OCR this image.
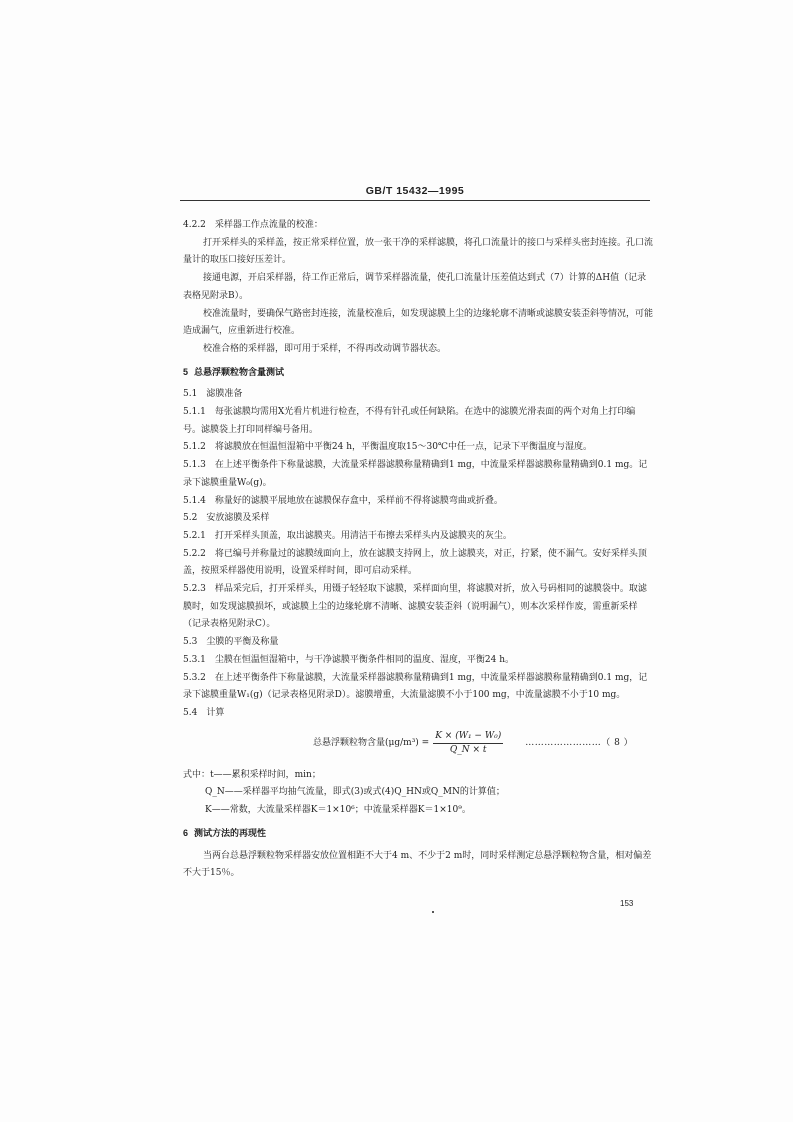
GB/T 15432—1995

4.2.2　采样器工作点流量的校准：

打开采样头的采样盖，按正常采样位置，放一张干净的采样滤膜，将孔口流量计的接口与采样头密封连接。孔口流量计的取压口接好压差计。

接通电源，开启采样器，待工作正常后，调节采样器流量，使孔口流量计压差值达到式（7）计算的ΔH值（记录表格见附录B）。

校准流量时，要确保气路密封连接，流量校准后，如发现滤膜上尘的边缘轮廓不清晰或滤膜安装歪斜等情况，可能造成漏气，应重新进行校准。

校准合格的采样器，即可用于采样，不得再改动调节器状态。

5 总悬浮颗粒物含量测试

5.1　滤膜准备

5.1.1　每张滤膜均需用X光看片机进行检查，不得有针孔或任何缺陷。在选中的滤膜光滑表面的两个对角上打印编号。滤膜袋上打印同样编号备用。

5.1.2　将滤膜放在恒温恒湿箱中平衡24 h，平衡温度取15～30℃中任一点，记录下平衡温度与湿度。

5.1.3　在上述平衡条件下称量滤膜，大流量采样器滤膜称量精确到1 mg，中流量采样器滤膜称量精确到0.1 mg。记录下滤膜重量W₀(g)。

5.1.4　称量好的滤膜平展地放在滤膜保存盒中，采样前不得将滤膜弯曲或折叠。

5.2　安放滤膜及采样

5.2.1　打开采样头顶盖，取出滤膜夹。用清洁干布擦去采样头内及滤膜夹的灰尘。

5.2.2　将已编号并称量过的滤膜绒面向上，放在滤膜支持网上，放上滤膜夹，对正，拧紧，使不漏气。安好采样头顶盖，按照采样器使用说明，设置采样时间，即可启动采样。

5.2.3　样品采完后，打开采样头，用镊子轻轻取下滤膜，采样面向里，将滤膜对折，放入号码相同的滤膜袋中。取滤膜时，如发现滤膜损坏，或滤膜上尘的边缘轮廓不清晰、滤膜安装歪斜（说明漏气），则本次采样作废，需重新采样（记录表格见附录C）。

5.3　尘膜的平衡及称量

5.3.1　尘膜在恒温恒湿箱中，与干净滤膜平衡条件相同的温度、湿度，平衡24 h。

5.3.2　在上述平衡条件下称量滤膜，大流量采样器滤膜称量精确到1 mg，中流量采样器滤膜称量精确到0.1 mg，记录下滤膜重量W₁(g)（记录表格见附录D）。滤膜增重，大流量滤膜不小于100 mg，中流量滤膜不小于10 mg。

5.4　计算

总悬浮颗粒物含量$(\mu g/m^3) = \frac{\text{K × (W₁ − W₀)}}{Q\_N \times t}$ ……………………（ 8 ）

式中：t——累积采样时间，min；

Q_N——采样器平均抽气流量，即式(3)或式(4)Q_HN或Q_MN的计算值；

K——常数，大流量采样器K＝1×10⁶；中流量采样器K＝1×10⁹。

6 测试方法的再现性

当两台总悬浮颗粒物采样器安放位置相距不大于4 m、不少于2 m时，同时采样测定总悬浮颗粒物含量，相对偏差不大于15％。

153
